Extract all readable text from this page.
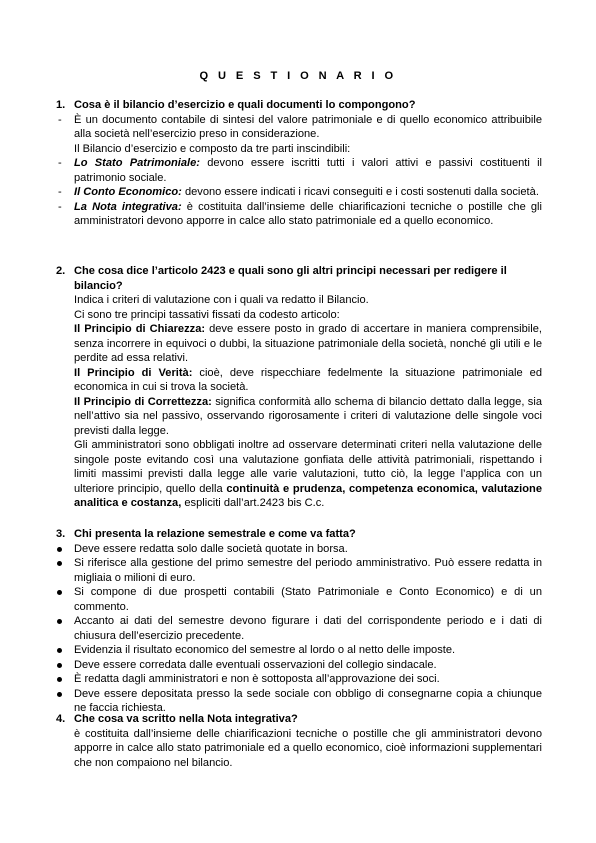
Q U E S T I O N A R I O
1. Cosa è il bilancio d’esercizio e quali documenti lo compongono?
- È un documento contabile di sintesi del valore patrimoniale e di quello economico attribuibile alla società nell’esercizio preso in considerazione.
Il Bilancio d’esercizio e composto da tre parti inscindibili:
- Lo Stato Patrimoniale: devono essere iscritti tutti i valori attivi e passivi costituenti il patrimonio sociale.
- Il Conto Economico: devono essere indicati i ricavi conseguiti e i costi sostenuti dalla società.
- La Nota integrativa: è costituita dall’insieme delle chiarificazioni tecniche o postille che gli amministratori devono apporre in calce allo stato patrimoniale ed a quello economico.
2. Che cosa dice l’articolo 2423 e quali sono gli altri principi necessari per redigere il bilancio?
Indica i criteri di valutazione con i quali va redatto il Bilancio.
Ci sono tre principi tassativi fissati da codesto articolo:
Il Principio di Chiarezza: deve essere posto in grado di accertare in maniera comprensibile, senza incorrere in equivoci o dubbi, la situazione patrimoniale della società, nonché gli utili e le perdite ad essa relativi.
Il Principio di Verità: cioè, deve rispecchiare fedelmente la situazione patrimoniale ed economica in cui si trova la società.
Il Principio di Correttezza: significa conformità allo schema di bilancio dettato dalla legge, sia nell’attivo sia nel passivo, osservando rigorosamente i criteri di valutazione delle singole voci previsti dalla legge.
Gli amministratori sono obbligati inoltre ad osservare determinati criteri nella valutazione delle singole poste evitando così una valutazione gonfiata delle attività patrimoniali, rispettando i limiti massimi previsti dalla legge alle varie valutazioni, tutto ciò, la legge l’applica con un ulteriore principio, quello della continuità e prudenza, competenza economica, valutazione analitica e costanza, espliciti dall’art.2423 bis C.c.
3. Chi presenta la relazione semestrale e come va fatta?
Deve essere redatta solo dalle società quotate in borsa.
Si riferisce alla gestione del primo semestre del periodo amministrativo. Può essere redatta in migliaia o milioni di euro.
Si compone di due prospetti contabili (Stato Patrimoniale e Conto Economico) e di un commento.
Accanto ai dati del semestre devono figurare i dati del corrispondente periodo e i dati di chiusura dell’esercizio precedente.
Evidenzia il risultato economico del semestre al lordo o al netto delle imposte.
Deve essere corredata dalle eventuali osservazioni del collegio sindacale.
È redatta dagli amministratori e non è sottoposta all’approvazione dei soci.
Deve essere depositata presso la sede sociale con obbligo di consegnarne copia a chiunque ne faccia richiesta.
4. Che cosa va scritto nella Nota integrativa?
è costituita dall’insieme delle chiarificazioni tecniche o postille che gli amministratori devono apporre in calce allo stato patrimoniale ed a quello economico, cioè informazioni supplementari che non compaiono nel bilancio.
